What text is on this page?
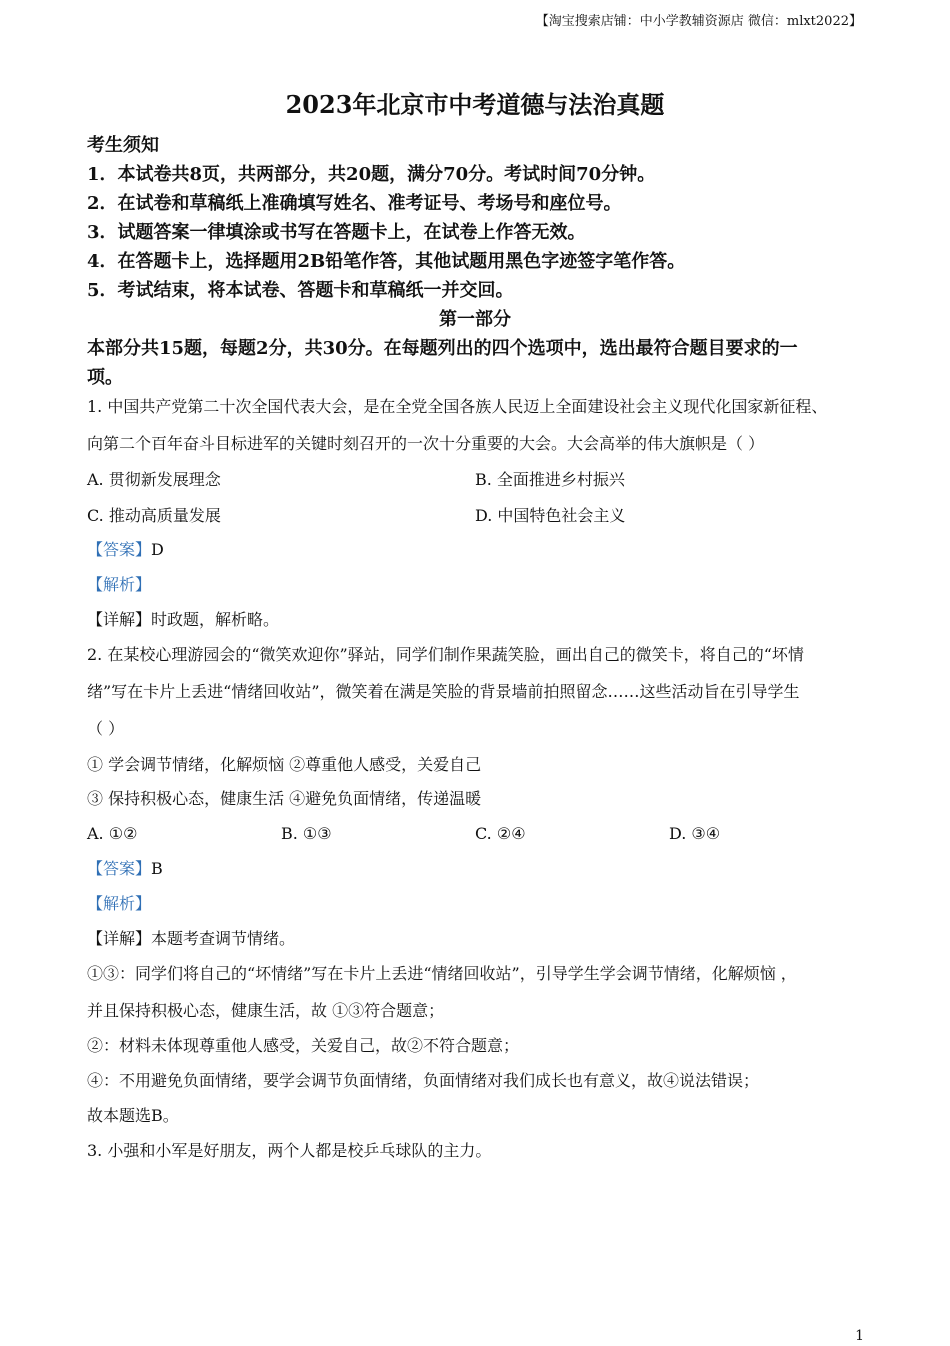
【淘宝搜索店铺：中小学教辅资源店 微信：mlxt2022】
2023年北京市中考道德与法治真题
考生须知
1．本试卷共8页，共两部分，共20题，满分70分。考试时间70分钟。
2．在试卷和草稿纸上准确填写姓名、准考证号、考场号和座位号。
3．试题答案一律填涂或书写在答题卡上，在试卷上作答无效。
4．在答题卡上，选择题用2B铅笔作答，其他试题用黑色字迹签字笔作答。
5．考试结束，将本试卷、答题卡和草稿纸一并交回。
第一部分
本部分共15题，每题2分，共30分。在每题列出的四个选项中，选出最符合题目要求的一
项。
1. 中国共产党第二十次全国代表大会，是在全党全国各族人民迈上全面建设社会主义现代化国家新征程、
向第二个百年奋斗目标进军的关键时刻召开的一次十分重要的大会。大会高举的伟大旗帜是（ ）
A. 贯彻新发展理念	B. 全面推进乡村振兴
C. 推动高质量发展	D. 中国特色社会主义
【答案】D
【解析】
【详解】时政题，解析略。
2. 在某校心理游园会的“微笑欢迎你”驿站，同学们制作果蔬笑脸，画出自己的微笑卡，将自己的“坏情
绪”写在卡片上丢进“情绪回收站”，微笑着在满是笑脸的背景墙前拍照留念……这些活动旨在引导学生
（ ）
① 学会调节情绪，化解烦恼 ②尊重他人感受，关爱自己
③ 保持积极心态，健康生活 ④避免负面情绪，传递温暖
A. ①②	B. ①③	C. ②④	D. ③④
【答案】B
【解析】
【详解】本题考查调节情绪。
①③：同学们将自己的“坏情绪”写在卡片上丢进“情绪回收站”，引导学生学会调节情绪，化解烦恼 ，
并且保持积极心态，健康生活，故 ①③符合题意；
②：材料未体现尊重他人感受，关爱自己，故②不符合题意；
④：不用避免负面情绪，要学会调节负面情绪，负面情绪对我们成长也有意义，故④说法错误；
故本题选B。
3. 小强和小军是好朋友，两个人都是校乒乓球队的主力。
1
